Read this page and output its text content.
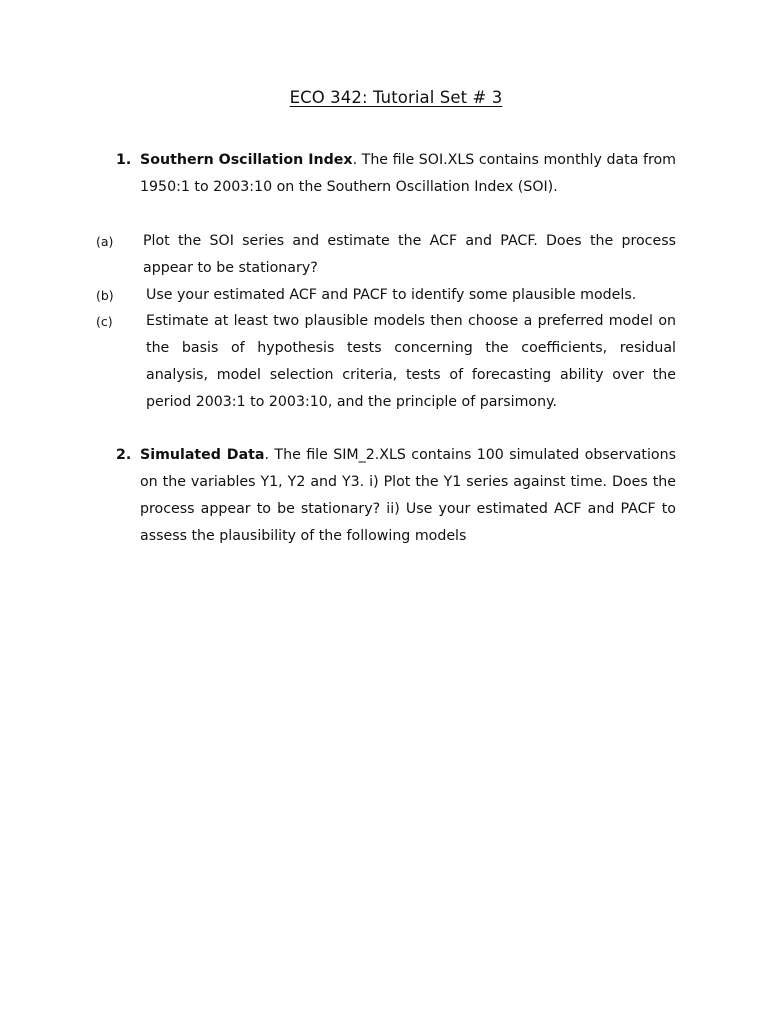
ECO 342: Tutorial Set # 3
1. Southern Oscillation Index. The file SOI.XLS contains monthly data from 1950:1 to 2003:10 on the Southern Oscillation Index (SOI).
(a) Plot the SOI series and estimate the ACF and PACF. Does the process appear to be stationary?
(b) Use your estimated ACF and PACF to identify some plausible models.
(c) Estimate at least two plausible models then choose a preferred model on the basis of hypothesis tests concerning the coefficients, residual analysis, model selection criteria, tests of forecasting ability over the period 2003:1 to 2003:10, and the principle of parsimony.
2. Simulated Data. The file SIM_2.XLS contains 100 simulated observations on the variables Y1, Y2 and Y3. i) Plot the Y1 series against time. Does the process appear to be stationary? ii) Use your estimated ACF and PACF to assess the plausibility of the following models
